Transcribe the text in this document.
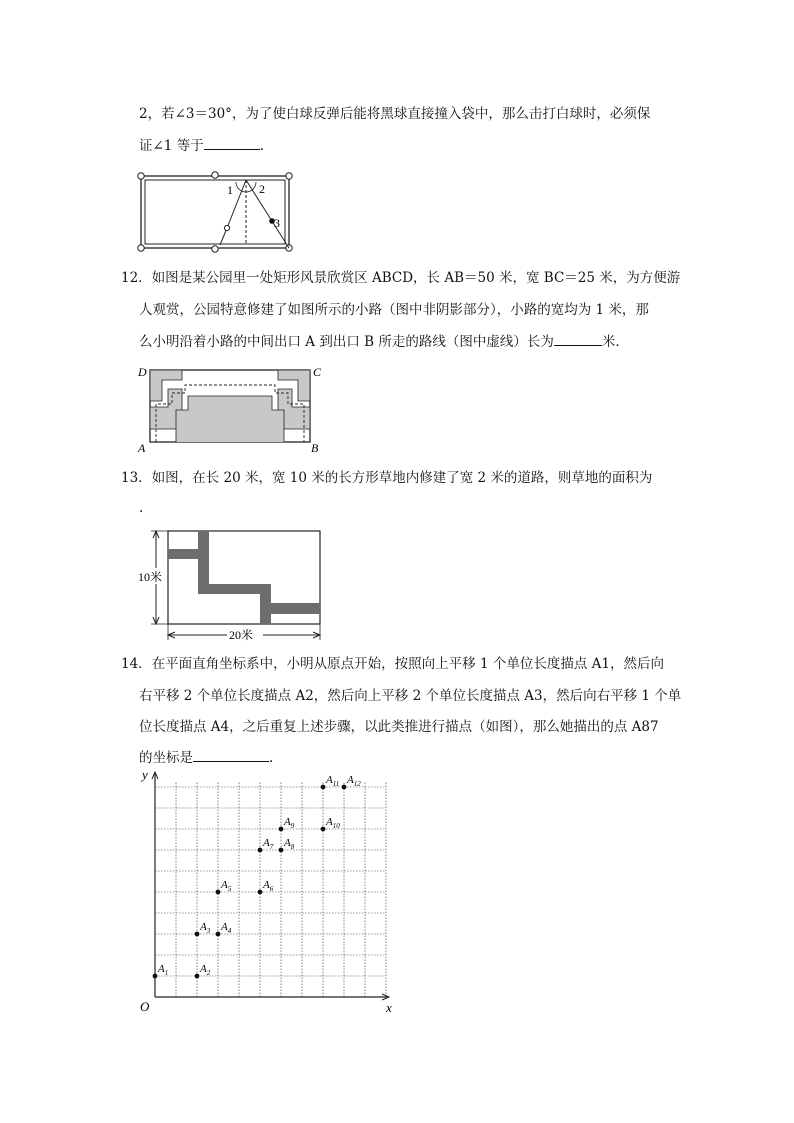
2，若∠3＝30°，为了使白球反弹后能将黑球直接撞入袋中，那么击打白球时，必须保
证∠1 等于	.
1 2
3
12．如图是某公园里一处矩形风景欣赏区 ABCD，长 AB＝50 米，宽 BC＝25 米，为方便游
人观赏，公园特意修建了如图所示的小路（图中非阴影部分），小路的宽均为 1 米，那
么小明沿着小路的中间出口 A 到出口 B 所走的路线（图中虚线）长为	米．
D	C
A	B
13．如图，在长 20 米，宽 10 米的长方形草地内修建了宽 2 米的道路，则草地的面积为
.
10米
20米
14．在平面直角坐标系中，小明从原点开始，按照向上平移 1 个单位长度描点 A1，然后向
右平移 2 个单位长度描点 A2，然后向上平移 2 个单位长度描点 A3，然后向右平移 1 个单
位长度描点 A4，之后重复上述步骤，以此类推进行描点（如图），那么她描出的点 A87
的坐标是	.
x
y
O
$A_1$	$A_2$
$A_3$ $A_4$
$A_5$	$A_6$
$A_7$ $A_8$
$A_9$	$A_{10}$
$A_{11}$ $A_{12}$
